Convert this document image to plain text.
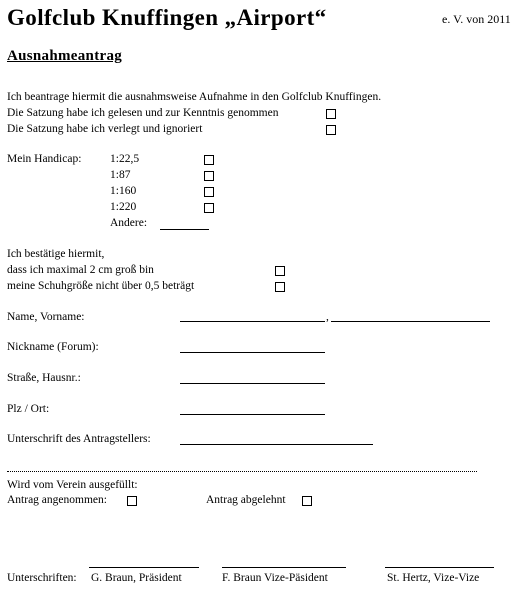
Golfclub Knuffingen „Airport“	e. V. von 2011
Ausnahmeantrag
Ich beantrage hiermit die ausnahmsweise Aufnahme in den Golfclub Knuffingen.
Die Satzung habe ich gelesen und zur Kenntnis genommen
Die Satzung habe ich verlegt und ignoriert
Mein Handicap: 1:22,5
1:87
1:160
1:220
Andere:
Ich bestätige hiermit,
dass ich maximal 2 cm groß bin
meine Schuhgröße nicht über 0,5 beträgt
Name, Vorname:	,
Nickname (Forum):
Straße, Hausnr.:
Plz / Ort:
Unterschrift des Antragstellers:
Wird vom Verein ausgefüllt:
Antrag angenommen:	Antrag abgelehnt
Unterschriften: G. Braun, Präsident	F. Braun Vize-Päsident	St. Hertz, Vize-Vize
